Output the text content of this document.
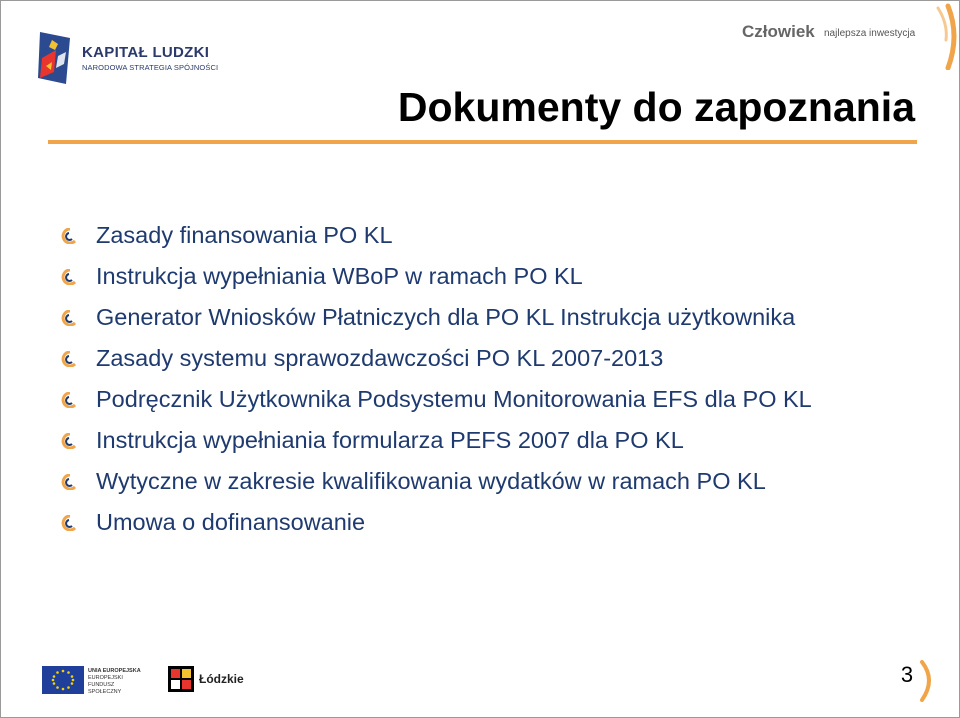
KAPITAŁ LUDZKI
NARODOWA STRATEGIA SPÓJNOŚCI
Człowiek najlepsza inwestycja
Dokumenty do zapoznania
Zasady finansowania PO KL
Instrukcja wypełniania WBoP w ramach PO KL
Generator Wniosków Płatniczych dla PO KL Instrukcja użytkownika
Zasady systemu sprawozdawczości PO KL 2007-2013
Podręcznik Użytkownika Podsystemu Monitorowania EFS dla PO KL
Instrukcja wypełniania formularza PEFS 2007 dla PO KL
Wytyczne w zakresie kwalifikowania wydatków w ramach PO KL
Umowa o dofinansowanie
UNIA EUROPEJSKA
EUROPEJSKI
FUNDUSZ SPOŁECZNY
Łódzkie	3
